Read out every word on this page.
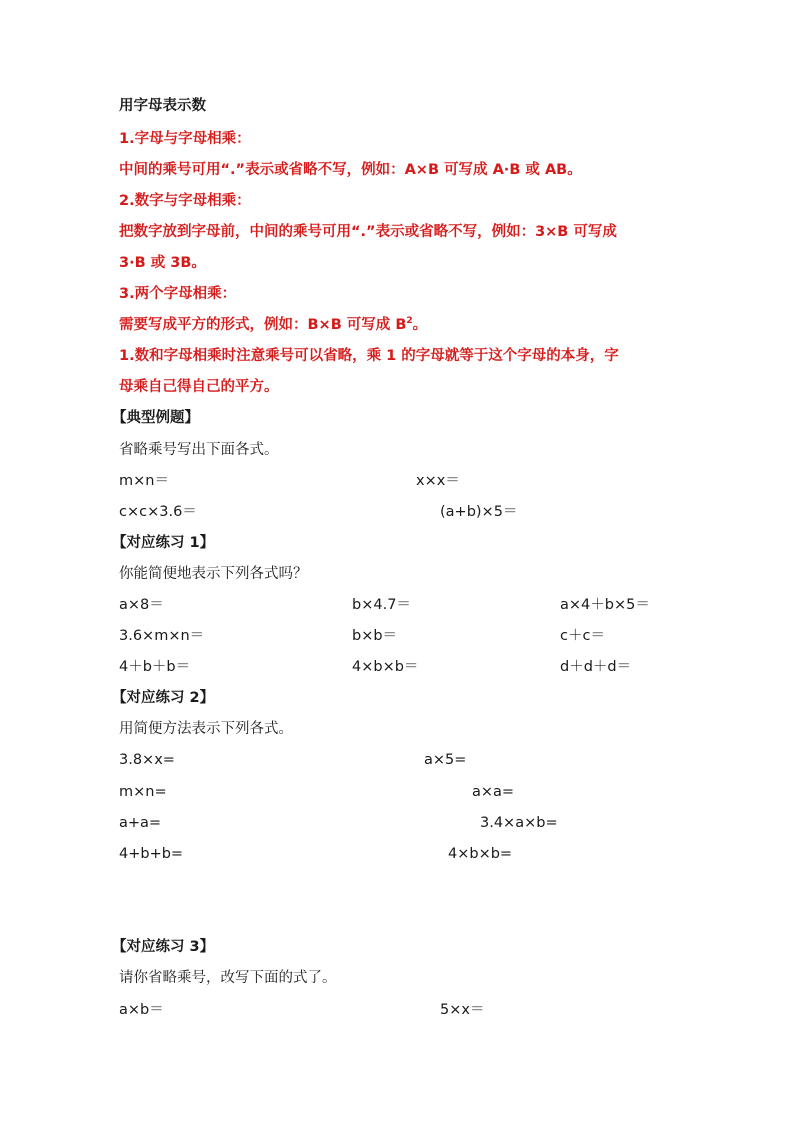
用字母表示数
1.字母与字母相乘：
中间的乘号可用“.”表示或省略不写，例如：A×B 可写成 A·B 或 AB。
2.数字与字母相乘：
把数字放到字母前，中间的乘号可用“.”表示或省略不写，例如：3×B 可写成
3·B 或 3B。
3.两个字母相乘：
需要写成平方的形式，例如：B×B 可写成 $B^2$。
1.数和字母相乘时注意乘号可以省略，乘 1 的字母就等于这个字母的本身，字
母乘自己得自己的平方。
【典型例题】
省略乘号写出下面各式。
m×n＝	x×x＝
c×c×3.6＝	(a+b)×5＝
【对应练习 1】
你能简便地表示下列各式吗？
a×8＝	b×4.7＝	a×4＋b×5＝
3.6×m×n＝	b×b＝	c＋c＝
4＋b＋b＝	4×b×b＝	d＋d＋d＝
【对应练习 2】
用简便方法表示下列各式。
3.8×x=	a×5=
m×n=	a×a=
a+a=	3.4×a×b=
4+b+b=	4×b×b=
【对应练习 3】
请你省略乘号，改写下面的式了。
a×b＝	5×x＝
